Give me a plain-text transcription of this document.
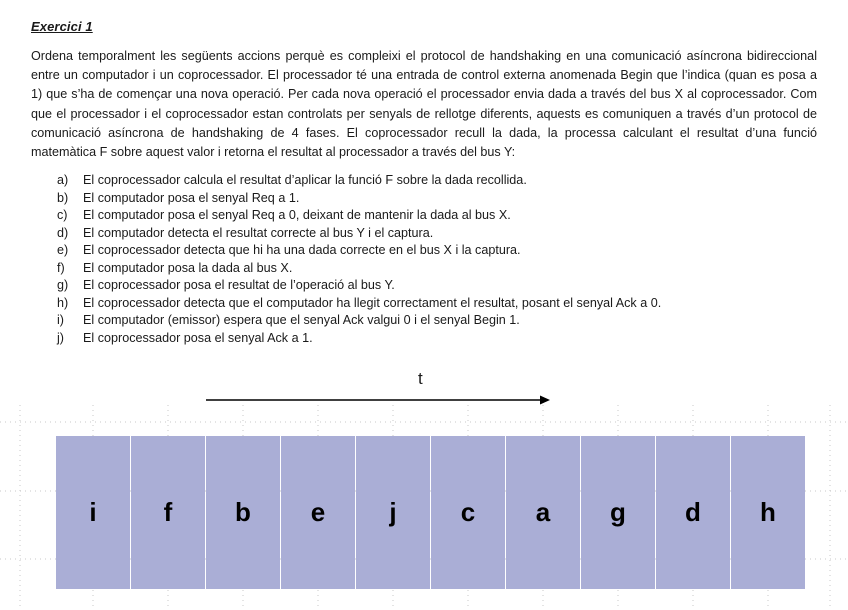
Exercici 1
Ordena temporalment les següents accions perquè es compleixi el protocol de handshaking en una comunicació asíncrona bidireccional entre un computador i un coprocessador. El processador té una entrada de control externa anomenada Begin que l’indica (quan es posa a 1) que s’ha de començar una nova operació. Per cada nova operació el processador envia dada a través del bus X al coprocessador. Com que el processador i el coprocessador estan controlats per senyals de rellotge diferents, aquests es comuniquen a través d’un protocol de comunicació asíncrona de handshaking de 4 fases. El coprocessador recull la dada, la processa calculant el resultat d’una funció matemàtica F sobre aquest valor i retorna el resultat al processador a través del bus Y:
a)	El coprocessador calcula el resultat d’aplicar la funció F sobre la dada recollida.
b)	El computador posa el senyal Req a 1.
c)	El computador posa el senyal Req a 0, deixant de mantenir la dada al bus X.
d)	El computador detecta el resultat correcte al bus Y i el captura.
e)	El coprocessador detecta que hi ha una dada correcte en el bus X i la captura.
f)	El computador posa la dada al bus X.
g)	El coprocessador posa el resultat de l’operació al bus Y.
h)	El coprocessador detecta que el computador ha llegit correctament el resultat, posant el senyal Ack a 0.
i)	El computador (emissor) espera que el senyal Ack valgui 0 i el senyal Begin 1.
j)	El coprocessador posa el senyal Ack a 1.
t
i	f	b	e	j	c	a	g	d	h
